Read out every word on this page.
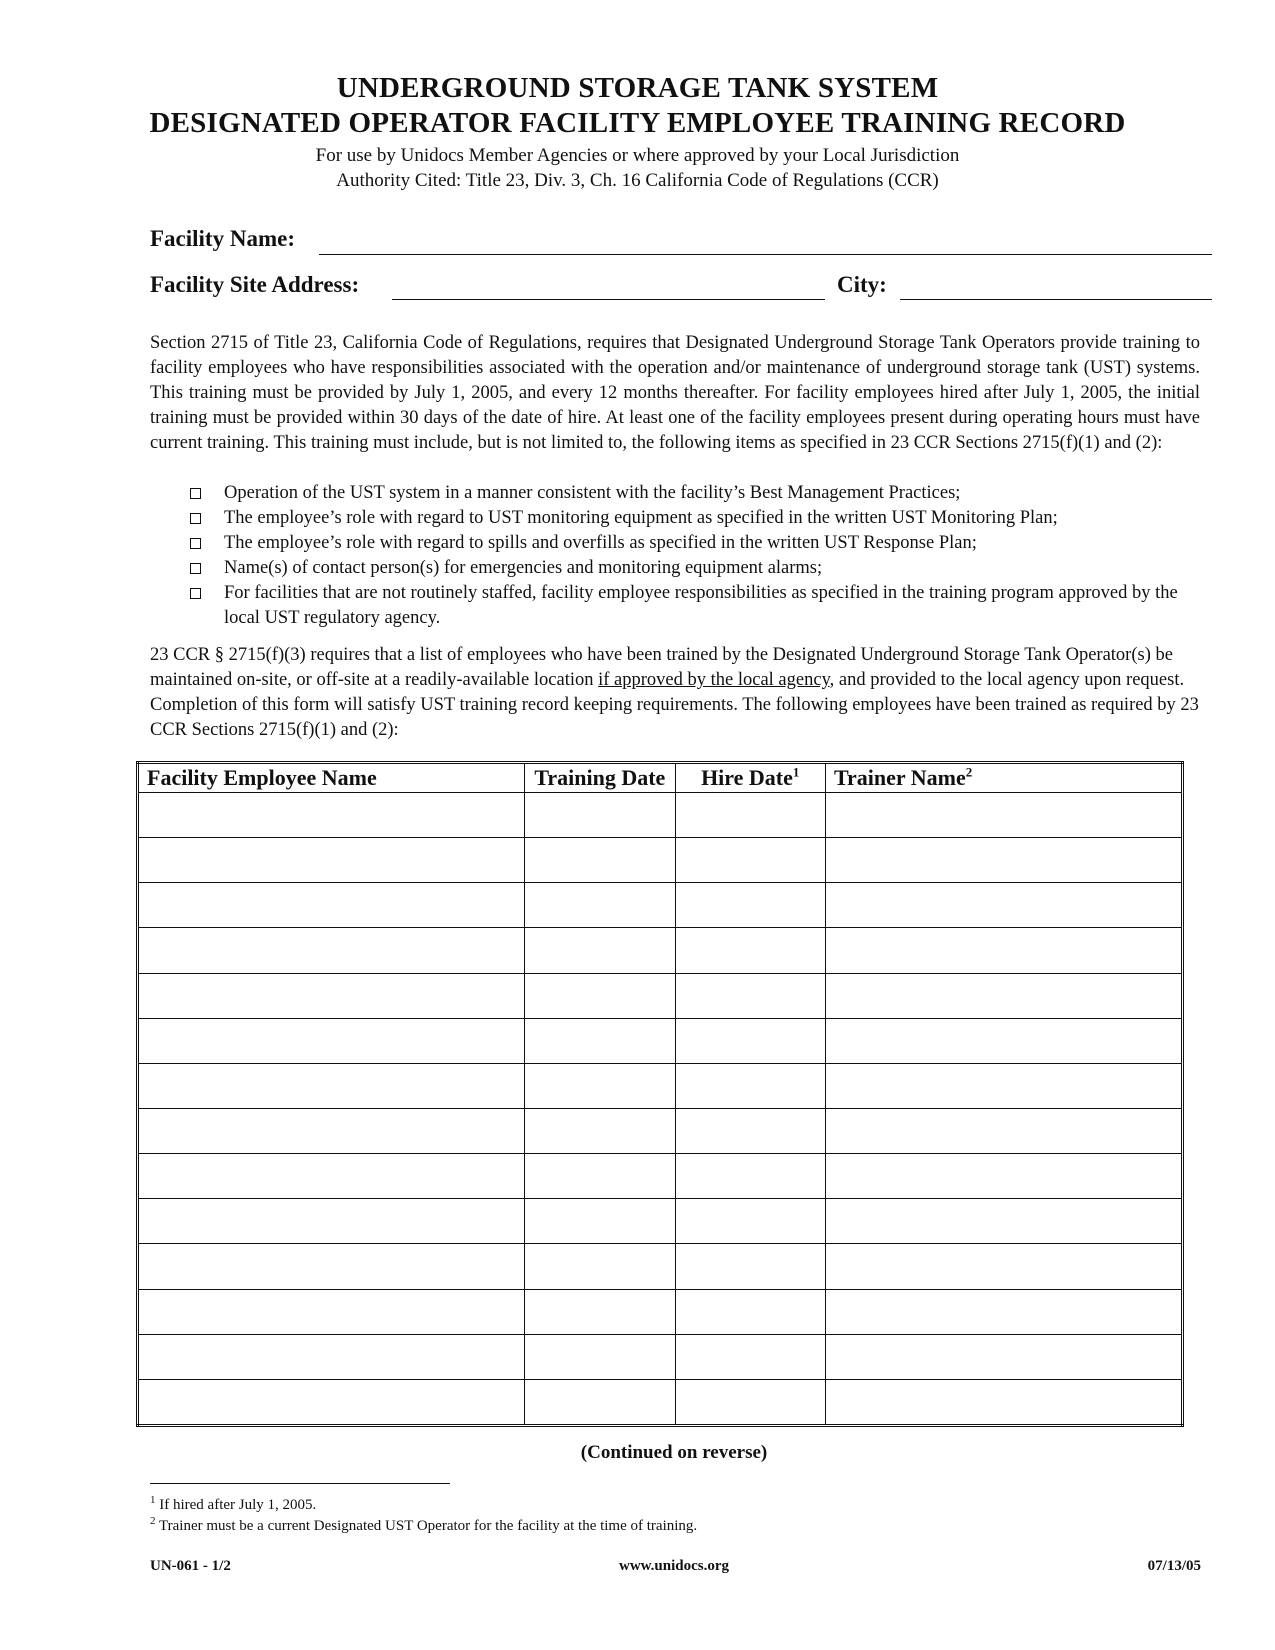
UNDERGROUND STORAGE TANK SYSTEM
DESIGNATED OPERATOR FACILITY EMPLOYEE TRAINING RECORD
For use by Unidocs Member Agencies or where approved by your Local Jurisdiction
Authority Cited: Title 23, Div. 3, Ch. 16 California Code of Regulations (CCR)
Facility Name:
Facility Site Address:	City:

Section 2715 of Title 23, California Code of Regulations, requires that Designated Underground Storage Tank Operators provide training to facility employees who have responsibilities associated with the operation and/or maintenance of underground storage tank (UST) systems. This training must be provided by July 1, 2005, and every 12 months thereafter. For facility employees hired after July 1, 2005, the initial training must be provided within 30 days of the date of hire. At least one of the facility employees present during operating hours must have current training. This training must include, but is not limited to, the following items as specified in 23 CCR Sections 2715(f)(1) and (2):

Operation of the UST system in a manner consistent with the facility’s Best Management Practices;
The employee’s role with regard to UST monitoring equipment as specified in the written UST Monitoring Plan;
The employee’s role with regard to spills and overfills as specified in the written UST Response Plan;
Name(s) of contact person(s) for emergencies and monitoring equipment alarms;
For facilities that are not routinely staffed, facility employee responsibilities as specified in the training program approved by the local UST regulatory agency.

23 CCR § 2715(f)(3) requires that a list of employees who have been trained by the Designated Underground Storage Tank Operator(s) be maintained on-site, or off-site at a readily-available location if approved by the local agency, and provided to the local agency upon request. Completion of this form will satisfy UST training record keeping requirements. The following employees have been trained as required by 23 CCR Sections 2715(f)(1) and (2):

Facility Employee Name	Training Date	Hire Date$^1$	Trainer Name$^2$

(Continued on reverse)
$^1$ If hired after July 1, 2005.
$^2$ Trainer must be a current Designated UST Operator for the facility at the time of training.
UN-061 - 1/2	www.unidocs.org	07/13/05
